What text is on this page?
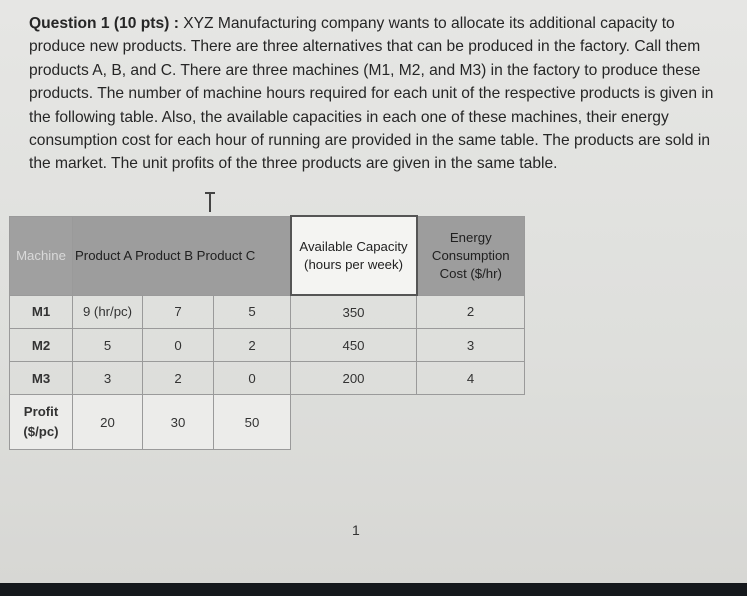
Question 1 (10 pts) : XYZ Manufacturing company wants to allocate its additional capacity to produce new products. There are three alternatives that can be produced in the factory. Call them products A, B, and C. There are three machines (M1, M2, and M3) in the factory to produce these products. The number of machine hours required for each unit of the respective products is given in the following table. Also, the available capacities in each one of these machines, their energy consumption cost for each hour of running are provided in the same table. The products are sold in the market. The unit profits of the three products are given in the same table.
Machine	Product A Product B Product C			Available Capacity (hours per week)	Energy Consumption Cost ($/hr)
M1	9 (hr/pc)	7	5	350	2
M2	5	0	2	450	3
M3	3	2	0	200	4
Profit ($/pc)	20	30	50		
1
